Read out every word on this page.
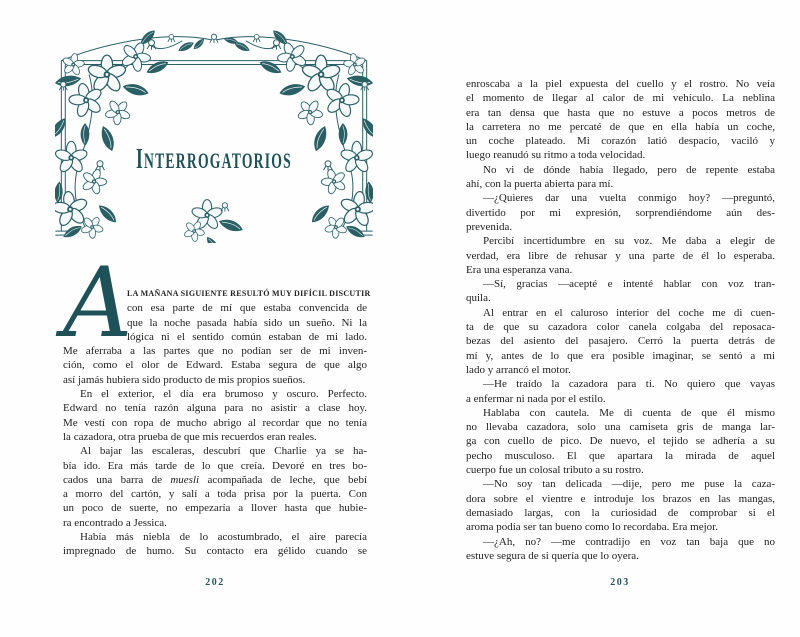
INTERROGATORIOS

A
LA MAÑANA SIGUIENTE RESULTÓ MUY DIFÍCIL DISCUTIR
con esa parte de mí que estaba convencida de
que la noche pasada había sido un sueño. Ni la
lógica ni el sentido común estaban de mi lado.
Me aferraba a las partes que no podían ser de mi inven-
ción, como el olor de Edward. Estaba segura de que algo
así jamás hubiera sido producto de mis propios sueños.

En el exterior, el día era brumoso y oscuro. Perfecto.
Edward no tenía razón alguna para no asistir a clase hoy.
Me vestí con ropa de mucho abrigo al recordar que no tenía
la cazadora, otra prueba de que mis recuerdos eran reales.

Al bajar las escaleras, descubrí que Charlie ya se ha-
bía ido. Era más tarde de lo que creía. Devoré en tres bo-
cados una barra de muesli acompañada de leche, que bebí
a morro del cartón, y salí a toda prisa por la puerta. Con
un poco de suerte, no empezaría a llover hasta que hubie-
ra encontrado a Jessica.

Había más niebla de lo acostumbrado, el aire parecía
impregnado de humo. Su contacto era gélido cuando se

202

enroscaba a la piel expuesta del cuello y el rostro. No veía
el momento de llegar al calor de mi vehículo. La neblina
era tan densa que hasta que no estuve a pocos metros de
la carretera no me percaté de que en ella había un coche,
un coche plateado. Mi corazón latió despacio, vaciló y
luego reanudó su ritmo a toda velocidad.

No vi de dónde había llegado, pero de repente estaba
ahí, con la puerta abierta para mí.

—¿Quieres dar una vuelta conmigo hoy? —preguntó,
divertido por mi expresión, sorprendiéndome aún des-
prevenida.

Percibí incertidumbre en su voz. Me daba a elegir de
verdad, era libre de rehusar y una parte de él lo esperaba.
Era una esperanza vana.

—Sí, gracias —acepté e intenté hablar con voz tran-
quila.

Al entrar en el caluroso interior del coche me di cuen-
ta de que su cazadora color canela colgaba del reposaca-
bezas del asiento del pasajero. Cerró la puerta detrás de
mí y, antes de lo que era posible imaginar, se sentó a mi
lado y arrancó el motor.

—He traído la cazadora para ti. No quiero que vayas
a enfermar ni nada por el estilo.

Hablaba con cautela. Me di cuenta de que él mismo
no llevaba cazadora, solo una camiseta gris de manga lar-
ga con cuello de pico. De nuevo, el tejido se adhería a su
pecho musculoso. El que apartara la mirada de aquel
cuerpo fue un colosal tributo a su rostro.

—No soy tan delicada —dije, pero me puse la caza-
dora sobre el vientre e introduje los brazos en las mangas,
demasiado largas, con la curiosidad de comprobar si el
aroma podía ser tan bueno como lo recordaba. Era mejor.

—¿Ah, no? —me contradijo en voz tan baja que no
estuve segura de si quería que lo oyera.

203
